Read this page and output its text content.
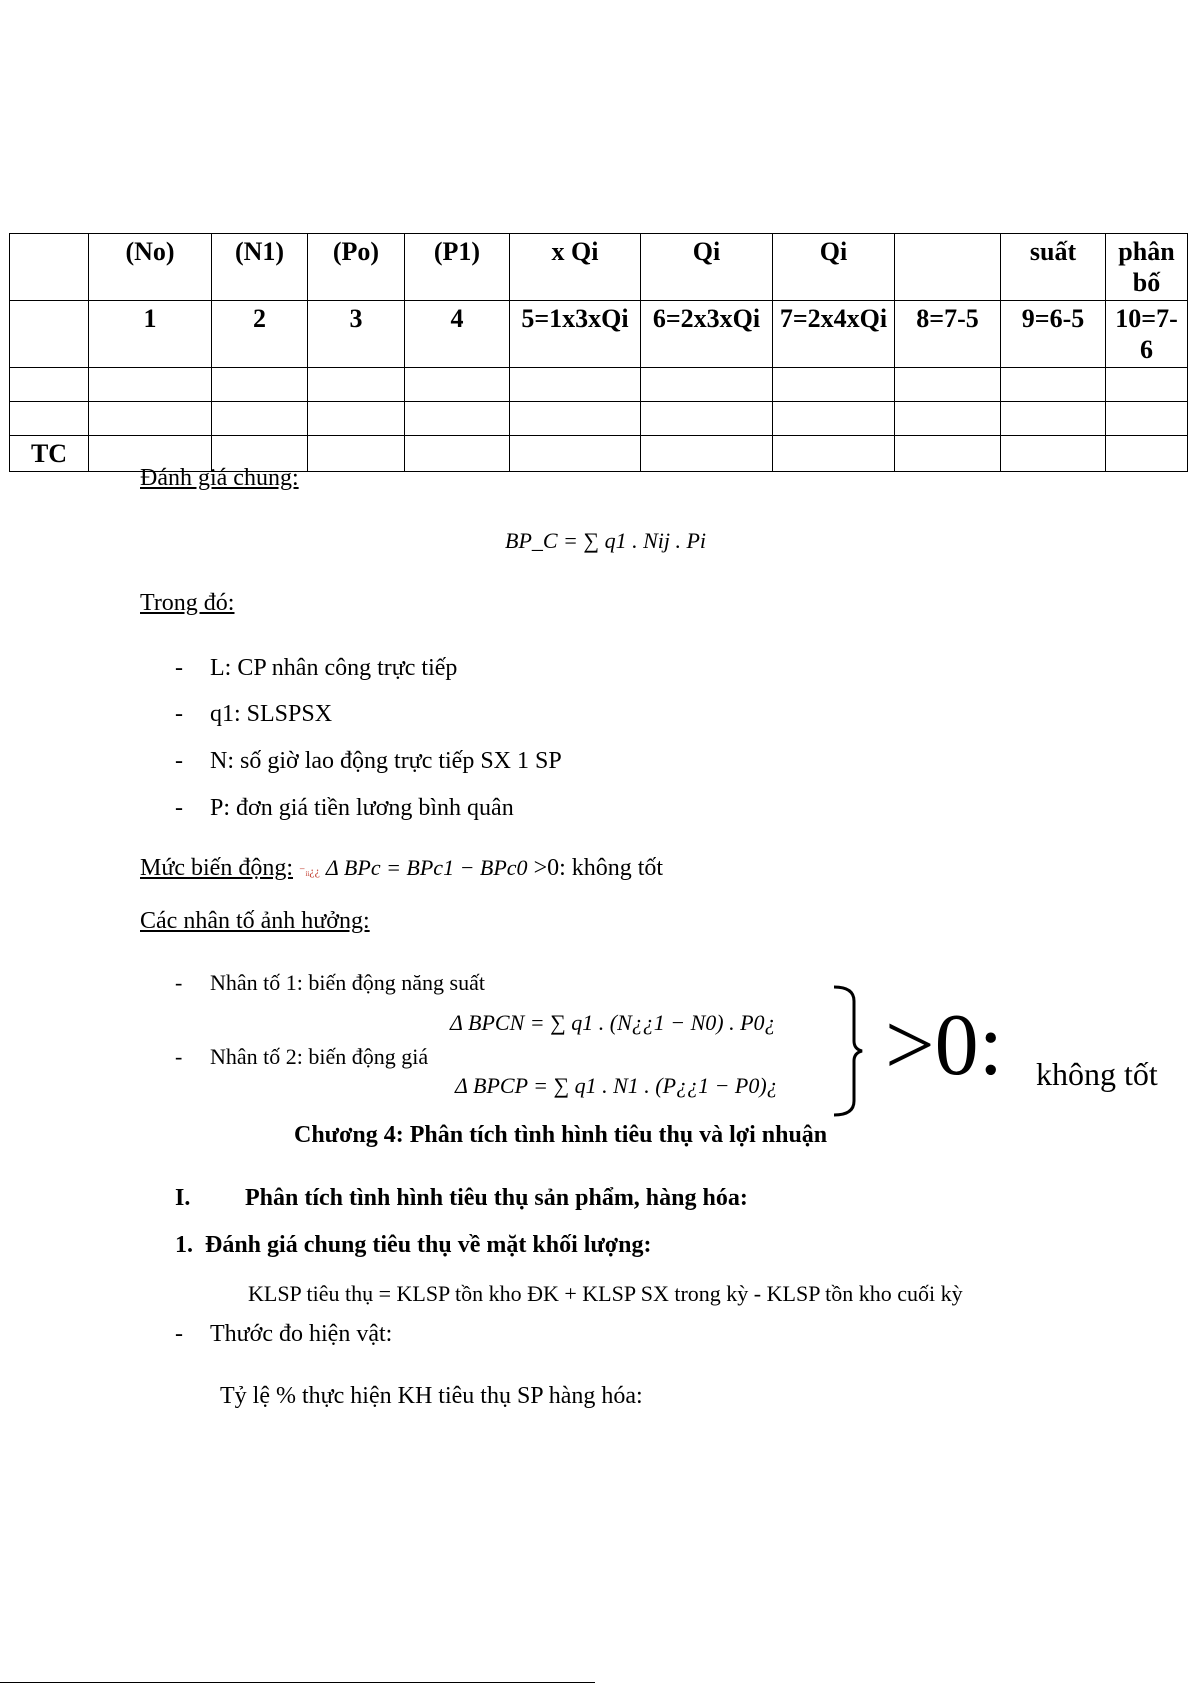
	(No)	(N1)	(Po)	(P1)	x Qi	Qi	Qi		suất	phân bố
	1	2	3	4	5=1x3xQi	6=2x3xQi	7=2x4xQi	8=7-5	9=6-5	10=7-6

TC										
Đánh giá chung:
BP_C = ∑ q1 . Nij . Pi
Trong đó:
- L: CP nhân công trực tiếp
- q1: SLSPSX
- N: số giờ lao động trực tiếp SX 1 SP
- P: đơn giá tiền lương bình quân
Mức biến động: ⁻ᵢᵢ¿¿ Δ BPc = BPc1 − BPc0 >0: không tốt
Các nhân tố ảnh hưởng:
- Nhân tố 1: biến động năng suất
Δ BPCN = ∑ q1 . (N¿¿1 − N0) . P0¿
- Nhân tố 2: biến động giá
Δ BPCP = ∑ q1 . N1 . (P¿¿1 − P0)¿ >0: không tốt
Chương 4: Phân tích tình hình tiêu thụ và lợi nhuận
I. Phân tích tình hình tiêu thụ sản phẩm, hàng hóa:
1.  Đánh giá chung tiêu thụ về mặt khối lượng:
KLSP tiêu thụ = KLSP tồn kho ĐK + KLSP SX trong kỳ - KLSP tồn kho cuối kỳ
- Thước đo hiện vật:
Tỷ lệ % thực hiện KH tiêu thụ SP hàng hóa:
